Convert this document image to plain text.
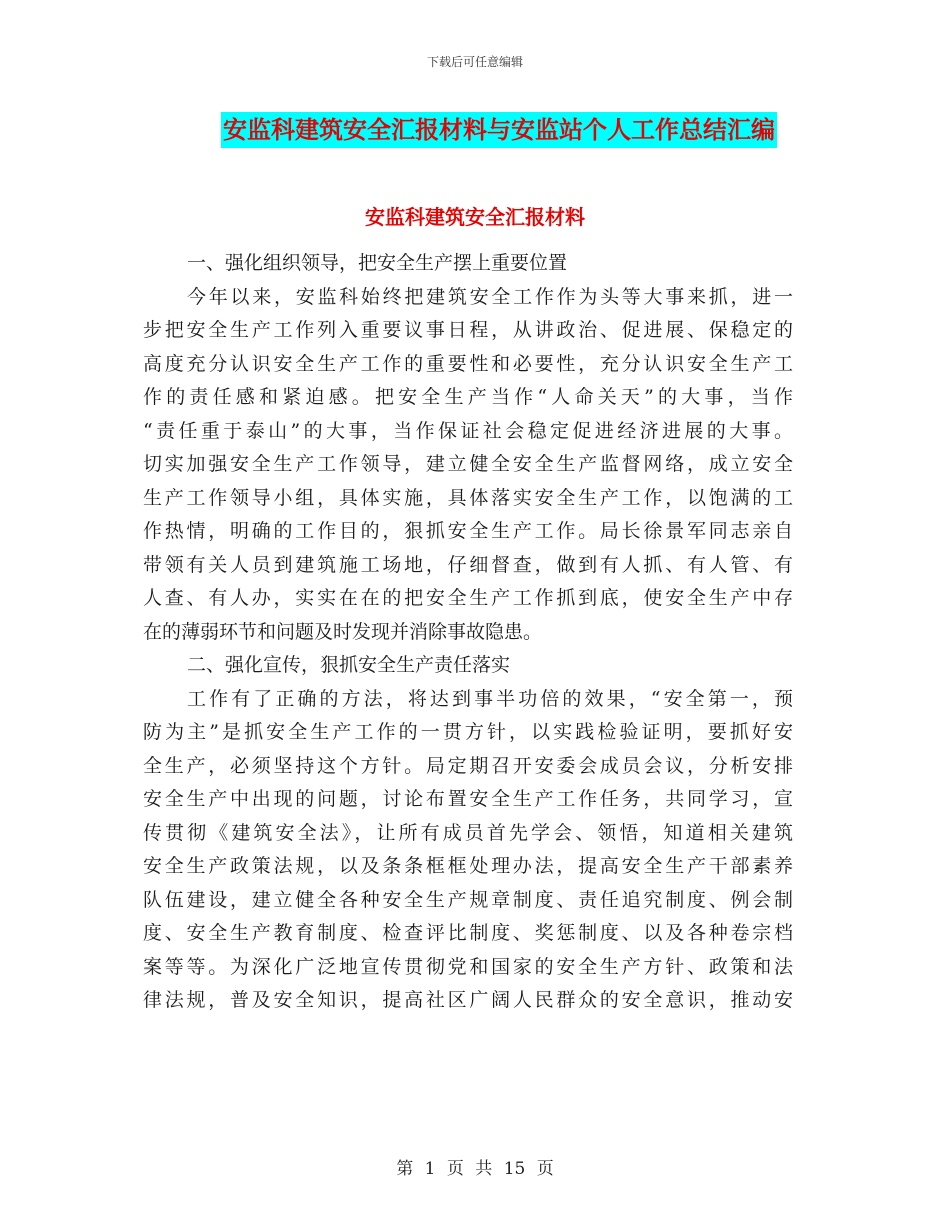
下载后可任意编辑
安监科建筑安全汇报材料与安监站个人工作总结汇编
安监科建筑安全汇报材料
一、强化组织领导，把安全生产摆上重要位置
今年以来，安监科始终把建筑安全工作作为头等大事来抓，进一
步把安全生产工作列入重要议事日程，从讲政治、促进展、保稳定的
高度充分认识安全生产工作的重要性和必要性，充分认识安全生产工
作的责任感和紧迫感。把安全生产当作“人命关天”的大事，当作
“责任重于泰山”的大事，当作保证社会稳定促进经济进展的大事。
切实加强安全生产工作领导，建立健全安全生产监督网络，成立安全
生产工作领导小组，具体实施，具体落实安全生产工作，以饱满的工
作热情，明确的工作目的，狠抓安全生产工作。局长徐景军同志亲自
带领有关人员到建筑施工场地，仔细督查，做到有人抓、有人管、有
人查、有人办，实实在在的把安全生产工作抓到底，使安全生产中存
在的薄弱环节和问题及时发现并消除事故隐患。
二、强化宣传，狠抓安全生产责任落实
工作有了正确的方法，将达到事半功倍的效果，“安全第一，预
防为主”是抓安全生产工作的一贯方针，以实践检验证明，要抓好安
全生产，必须坚持这个方针。局定期召开安委会成员会议，分析安排
安全生产中出现的问题，讨论布置安全生产工作任务，共同学习，宣
传贯彻《建筑安全法》，让所有成员首先学会、领悟，知道相关建筑
安全生产政策法规，以及条条框框处理办法，提高安全生产干部素养
队伍建设，建立健全各种安全生产规章制度、责任追究制度、例会制
度、安全生产教育制度、检查评比制度、奖惩制度、以及各种卷宗档
案等等。为深化广泛地宣传贯彻党和国家的安全生产方针、政策和法
律法规，普及安全知识，提高社区广阔人民群众的安全意识，推动安
第 1 页 共 15 页
